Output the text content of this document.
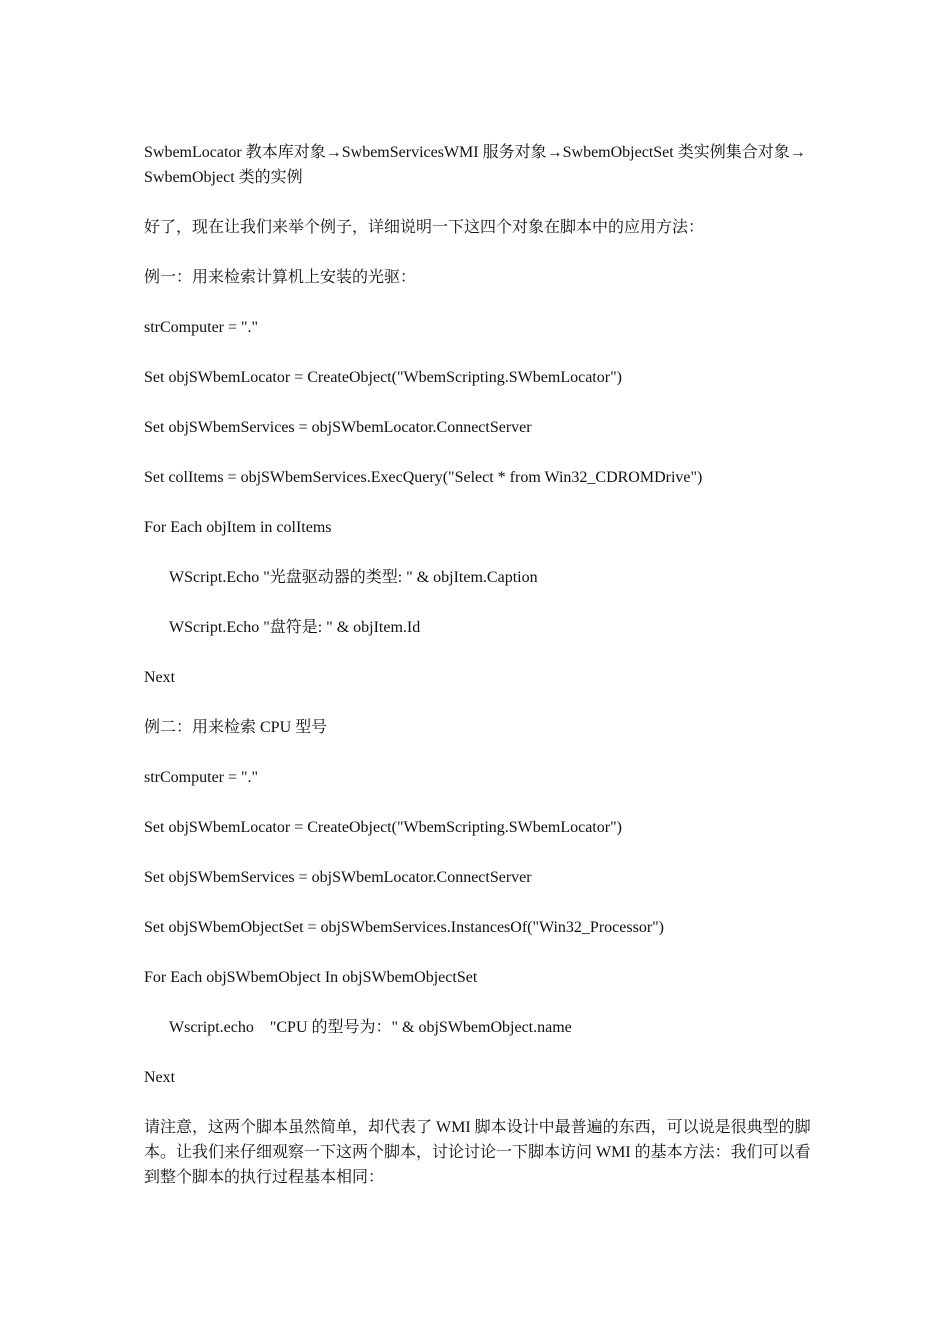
SwbemLocator 教本库对象→SwbemServicesWMI 服务对象→SwbemObjectSet 类实例集合对象→SwbemObject 类的实例

好了，现在让我们来举个例子，详细说明一下这四个对象在脚本中的应用方法：

例一：用来检索计算机上安装的光驱：

strComputer = "."

Set objSWbemLocator = CreateObject("WbemScripting.SWbemLocator")

Set objSWbemServices = objSWbemLocator.ConnectServer

Set colItems = objSWbemServices.ExecQuery("Select * from Win32_CDROMDrive")

For Each objItem in colItems

WScript.Echo "光盘驱动器的类型: " & objItem.Caption

WScript.Echo "盘符是: " & objItem.Id

Next

例二：用来检索 CPU 型号

strComputer = "."

Set objSWbemLocator = CreateObject("WbemScripting.SWbemLocator")

Set objSWbemServices = objSWbemLocator.ConnectServer

Set objSWbemObjectSet = objSWbemServices.InstancesOf("Win32_Processor")

For Each objSWbemObject In objSWbemObjectSet

Wscript.echo    "CPU 的型号为：" & objSWbemObject.name

Next

请注意，这两个脚本虽然简单，却代表了 WMI 脚本设计中最普遍的东西，可以说是很典型的脚本。让我们来仔细观察一下这两个脚本，讨论讨论一下脚本访问 WMI 的基本方法：我们可以看到整个脚本的执行过程基本相同：
